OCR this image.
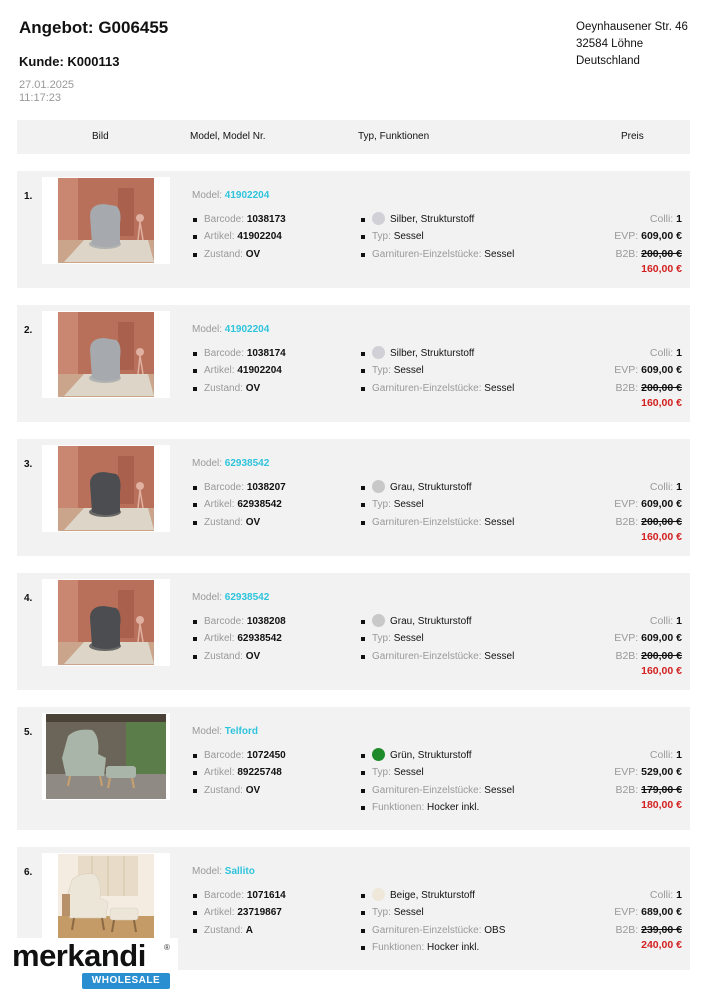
Angebot: G006455
Kunde: K000113
27.01.2025
11:17:23
Oeynhausener Str. 46
32584 Löhne
Deutschland
Bild	Model, Model Nr.	Typ, Funktionen	Preis
1.	Model: 41902204
Barcode: 1038173
Artikel: 41902204
Zustand: OV
Silber, Strukturstoff
Typ: Sessel
Garnituren-Einzelstücke: Sessel
Colli: 1
EVP: 609,00 €
B2B: 200,00 €
160,00 €
2.	Model: 41902204
Barcode: 1038174
Artikel: 41902204
Zustand: OV
Silber, Strukturstoff
Typ: Sessel
Garnituren-Einzelstücke: Sessel
Colli: 1
EVP: 609,00 €
B2B: 200,00 €
160,00 €
3.	Model: 62938542
Barcode: 1038207
Artikel: 62938542
Zustand: OV
Grau, Strukturstoff
Typ: Sessel
Garnituren-Einzelstücke: Sessel
Colli: 1
EVP: 609,00 €
B2B: 200,00 €
160,00 €
4.	Model: 62938542
Barcode: 1038208
Artikel: 62938542
Zustand: OV
Grau, Strukturstoff
Typ: Sessel
Garnituren-Einzelstücke: Sessel
Colli: 1
EVP: 609,00 €
B2B: 200,00 €
160,00 €
5.	Model: Telford
Barcode: 1072450
Artikel: 89225748
Zustand: OV
Grün, Strukturstoff
Typ: Sessel
Garnituren-Einzelstücke: Sessel
Funktionen: Hocker inkl.
Colli: 1
EVP: 529,00 €
B2B: 179,00 €
180,00 €
6.	Model: Sallito
Barcode: 1071614
Artikel: 23719867
Zustand: A
Beige, Strukturstoff
Typ: Sessel
Garnituren-Einzelstücke: OBS
Funktionen: Hocker inkl.
Colli: 1
EVP: 689,00 €
B2B: 239,00 €
240,00 €
merkandi ®
WHOLESALE
